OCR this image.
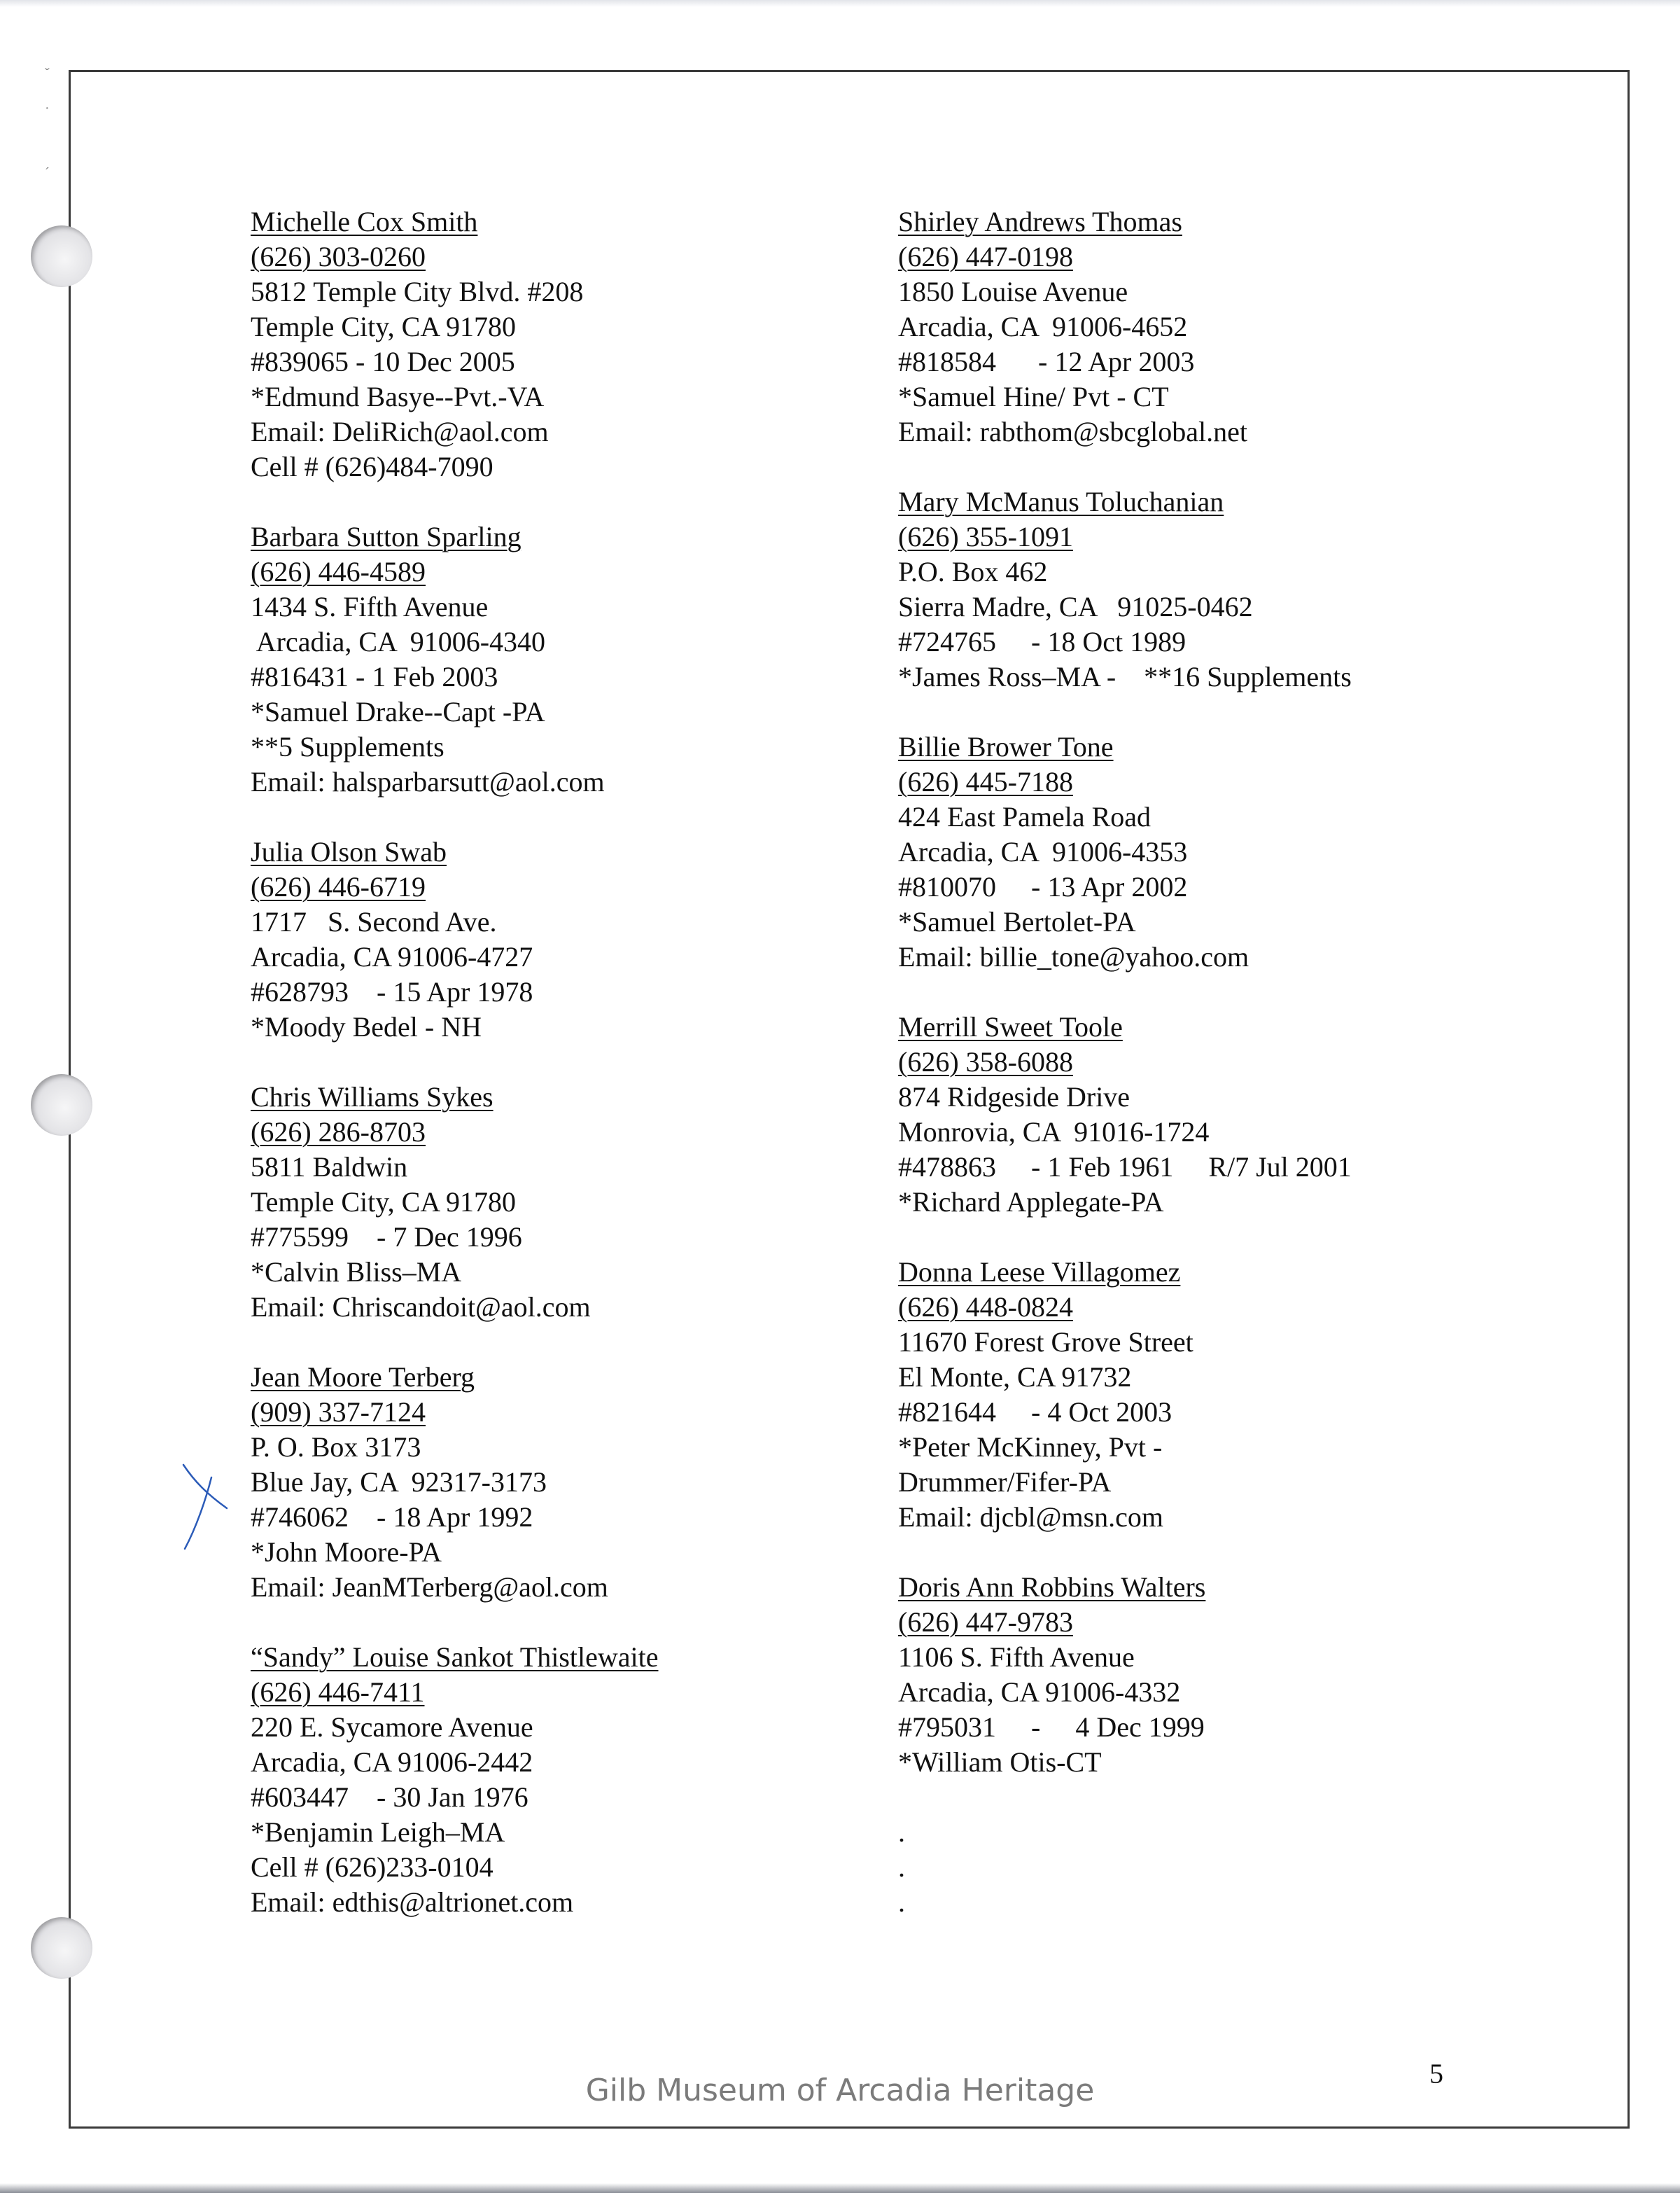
ˇ
·
ˊ
Michelle Cox Smith
(626) 303-0260
5812 Temple City Blvd. #208
Temple City, CA 91780
#839065 - 10 Dec 2005
*Edmund Basye--Pvt.-VA
Email: DeliRich@aol.com
Cell # (626)484-7090
Barbara Sutton Sparling
(626) 446-4589
1434 S. Fifth Avenue
Arcadia, CA  91006-4340
#816431 - 1 Feb 2003
*Samuel Drake--Capt -PA
**5 Supplements
Email: halsparbarsutt@aol.com
Julia Olson Swab
(626) 446-6719
1717   S. Second Ave.
Arcadia, CA 91006-4727
#628793    - 15 Apr 1978
*Moody Bedel - NH
Chris Williams Sykes
(626) 286-8703
5811 Baldwin
Temple City, CA 91780
#775599    - 7 Dec 1996
*Calvin Bliss–MA
Email: Chriscandoit@aol.com
Jean Moore Terberg
(909) 337-7124
P. O. Box 3173
Blue Jay, CA  92317-3173
#746062    - 18 Apr 1992
*John Moore-PA
Email: JeanMTerberg@aol.com
“Sandy” Louise Sankot Thistlewaite
(626) 446-7411
220 E. Sycamore Avenue
Arcadia, CA 91006-2442
#603447    - 30 Jan 1976
*Benjamin Leigh–MA
Cell # (626)233-0104
Email: edthis@altrionet.com
Shirley Andrews Thomas
(626) 447-0198
1850 Louise Avenue
Arcadia, CA  91006-4652
#818584      - 12 Apr 2003
*Samuel Hine/ Pvt - CT
Email: rabthom@sbcglobal.net
Mary McManus Toluchanian
(626) 355-1091
P.O. Box 462
Sierra Madre, CA   91025-0462
#724765     - 18 Oct 1989
*James Ross–MA -    **16 Supplements
Billie Brower Tone
(626) 445-7188
424 East Pamela Road
Arcadia, CA  91006-4353
#810070     - 13 Apr 2002
*Samuel Bertolet-PA
Email: billie_tone@yahoo.com
Merrill Sweet Toole
(626) 358-6088
874 Ridgeside Drive
Monrovia, CA  91016-1724
#478863     - 1 Feb 1961     R/7 Jul 2001
*Richard Applegate-PA
Donna Leese Villagomez
(626) 448-0824
11670 Forest Grove Street
El Monte, CA 91732
#821644     - 4 Oct 2003
*Peter McKinney, Pvt -
Drummer/Fifer-PA
Email: djcbl@msn.com
Doris Ann Robbins Walters
(626) 447-9783
1106 S. Fifth Avenue
Arcadia, CA 91006-4332
#795031     -     4 Dec 1999
*William Otis-CT
.
.
.
5
Gilb Museum of Arcadia Heritage
